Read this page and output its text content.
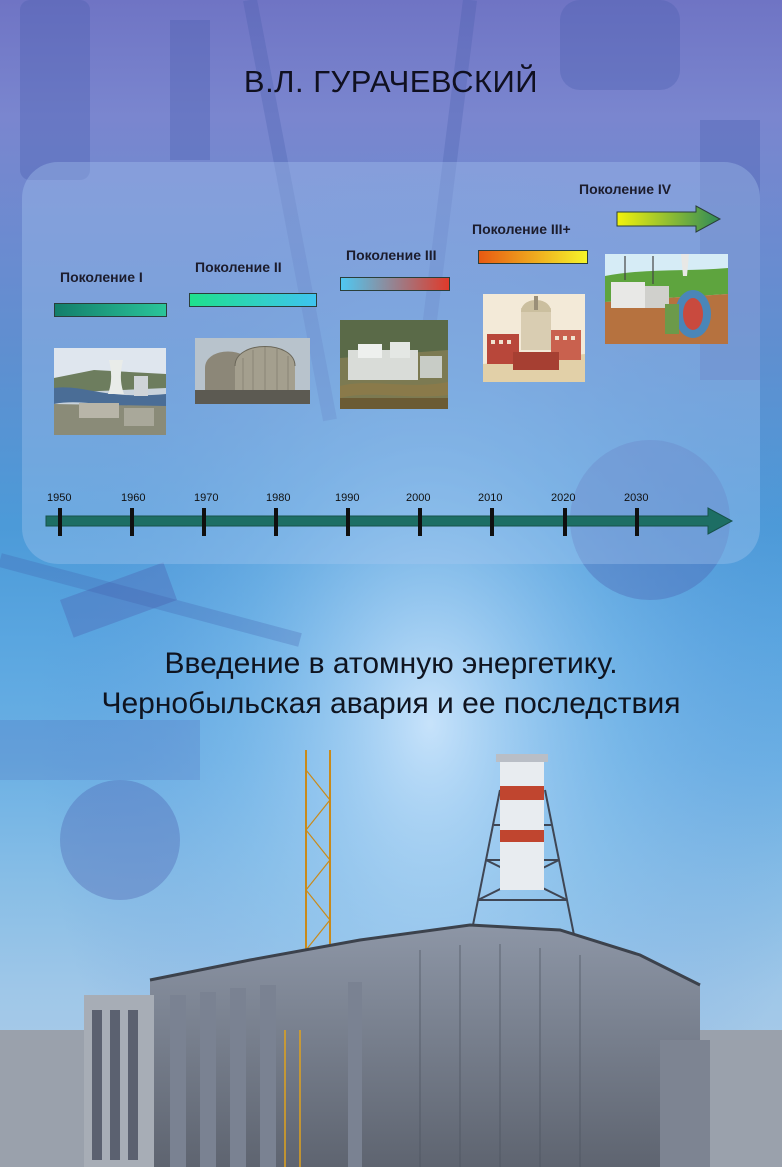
В.Л. ГУРАЧЕВСКИЙ
Поколение I
Поколение II
Поколение III
Поколение III+
Поколение IV
1950	1960	1970	1980	1990	2000	2010	2020	2030
Введение в атомную энергетику.
Чернобыльская авария и ее последствия
